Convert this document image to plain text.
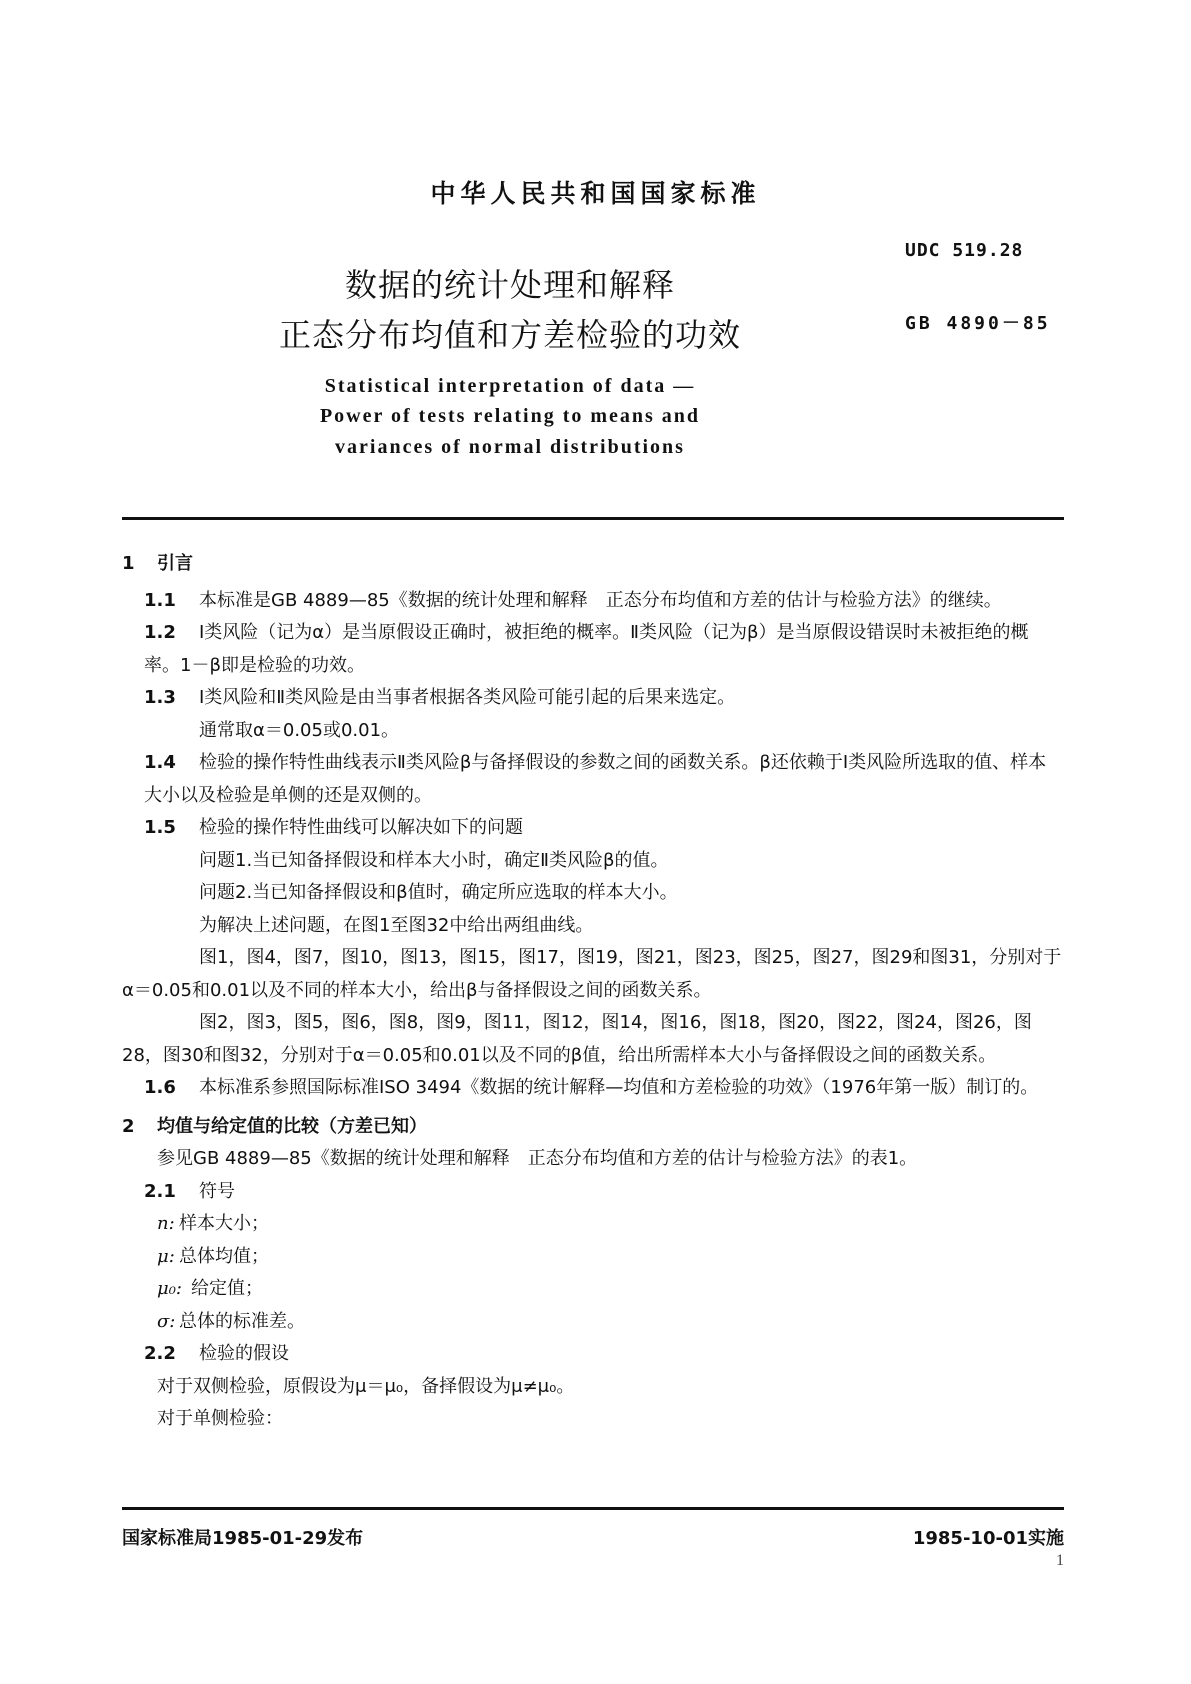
中华人民共和国国家标准
UDC 519.28
GB 4890－85
数据的统计处理和解释
正态分布均值和方差检验的功效
Statistical interpretation of data —
Power of tests relating to means and
variances of normal distributions

1 引言

1.1 本标准是GB 4889—85《数据的统计处理和解释　正态分布均值和方差的估计与检验方法》的继续。

1.2 Ⅰ类风险（记为α）是当原假设正确时，被拒绝的概率。Ⅱ类风险（记为β）是当原假设错误时未被拒绝的概率。1－β即是检验的功效。

1.3 Ⅰ类风险和Ⅱ类风险是由当事者根据各类风险可能引起的后果来选定。

通常取α＝0.05或0.01。

1.4 检验的操作特性曲线表示Ⅱ类风险β与备择假设的参数之间的函数关系。β还依赖于Ⅰ类风险所选取的值、样本大小以及检验是单侧的还是双侧的。

1.5 检验的操作特性曲线可以解决如下的问题

问题1.当已知备择假设和样本大小时，确定Ⅱ类风险β的值。

问题2.当已知备择假设和β值时，确定所应选取的样本大小。

为解决上述问题，在图1至图32中给出两组曲线。

图1，图4，图7，图10，图13，图15，图17，图19，图21，图23，图25，图27，图29和图31，分别对于α＝0.05和0.01以及不同的样本大小，给出β与备择假设之间的函数关系。

图2，图3，图5，图6，图8，图9，图11，图12，图14，图16，图18，图20，图22，图24，图26，图28，图30和图32，分别对于α＝0.05和0.01以及不同的β值，给出所需样本大小与备择假设之间的函数关系。

1.6 本标准系参照国际标准ISO 3494《数据的统计解释—均值和方差检验的功效》（1976年第一版）制订的。

2 均值与给定值的比较（方差已知）

参见GB 4889—85《数据的统计处理和解释　正态分布均值和方差的估计与检验方法》的表1。

2.1 符号

n: 样本大小；

μ: 总体均值；

μ₀: 给定值；

σ: 总体的标准差。

2.2 检验的假设

对于双侧检验，原假设为μ＝μ₀，备择假设为μ≠μ₀。

对于单侧检验：

国家标准局1985-01-29发布	1985-10-01实施
1
